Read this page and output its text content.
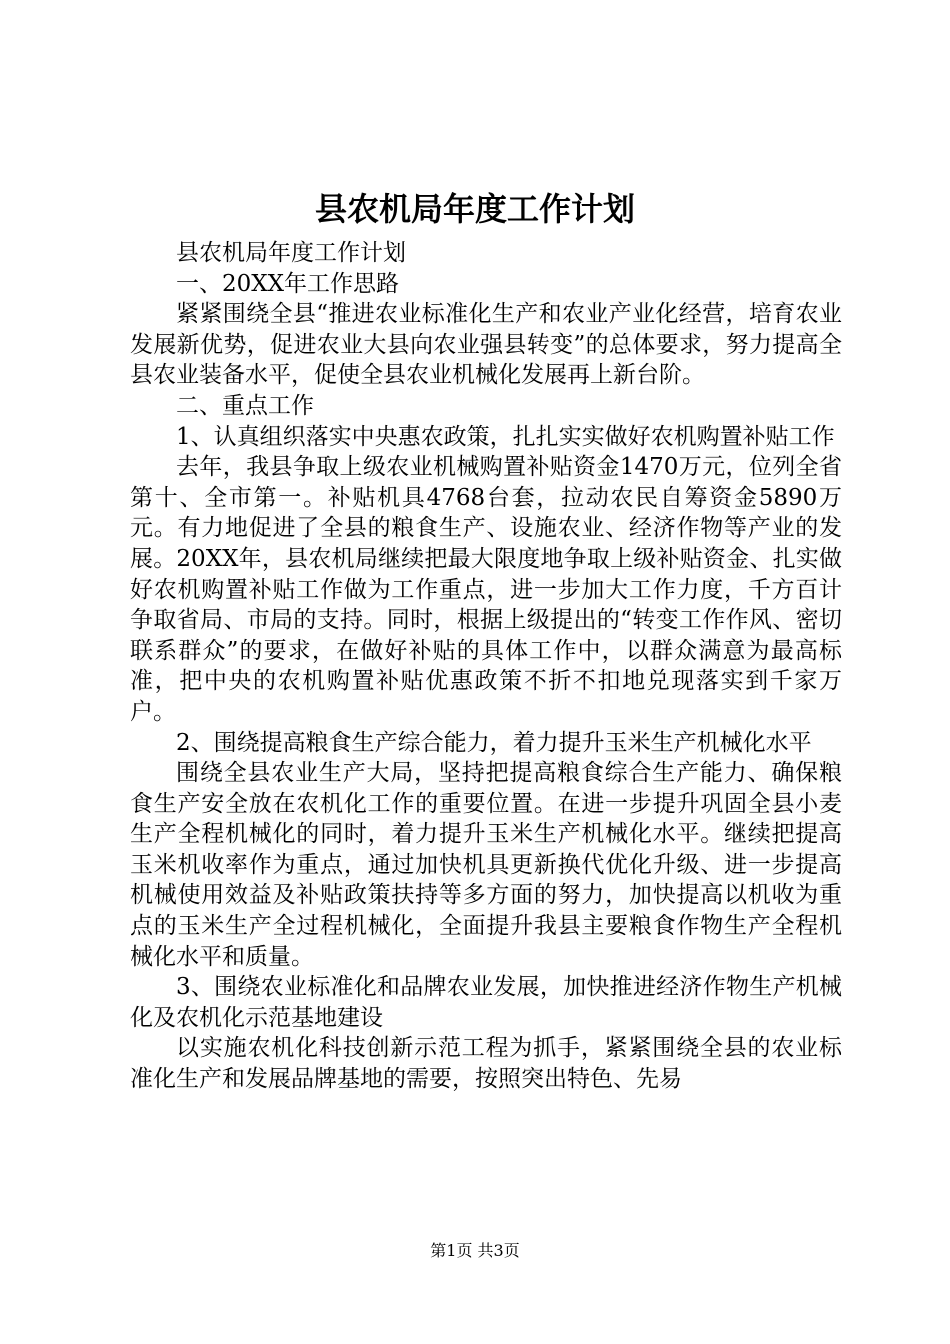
县农机局年度工作计划

县农机局年度工作计划

一、20XX年工作思路

紧紧围绕全县“推进农业标准化生产和农业产业化经营，培育农业发展新优势，促进农业大县向农业强县转变”的总体要求，努力提高全县农业装备水平，促使全县农业机械化发展再上新台阶。

二、重点工作

1、认真组织落实中央惠农政策，扎扎实实做好农机购置补贴工作

去年，我县争取上级农业机械购置补贴资金1470万元，位列全省第十、全市第一。补贴机具4768台套，拉动农民自筹资金5890万元。有力地促进了全县的粮食生产、设施农业、经济作物等产业的发展。20XX年，县农机局继续把最大限度地争取上级补贴资金、扎实做好农机购置补贴工作做为工作重点，进一步加大工作力度，千方百计争取省局、市局的支持。同时，根据上级提出的“转变工作作风、密切联系群众”的要求，在做好补贴的具体工作中，以群众满意为最高标准，把中央的农机购置补贴优惠政策不折不扣地兑现落实到千家万户。

2、围绕提高粮食生产综合能力，着力提升玉米生产机械化水平

围绕全县农业生产大局，坚持把提高粮食综合生产能力、确保粮食生产安全放在农机化工作的重要位置。在进一步提升巩固全县小麦生产全程机械化的同时，着力提升玉米生产机械化水平。继续把提高玉米机收率作为重点，通过加快机具更新换代优化升级、进一步提高机械使用效益及补贴政策扶持等多方面的努力，加快提高以机收为重点的玉米生产全过程机械化，全面提升我县主要粮食作物生产全程机械化水平和质量。

3、围绕农业标准化和品牌农业发展，加快推进经济作物生产机械化及农机化示范基地建设

以实施农机化科技创新示范工程为抓手，紧紧围绕全县的农业标准化生产和发展品牌基地的需要，按照突出特色、先易

第1页 共3页
